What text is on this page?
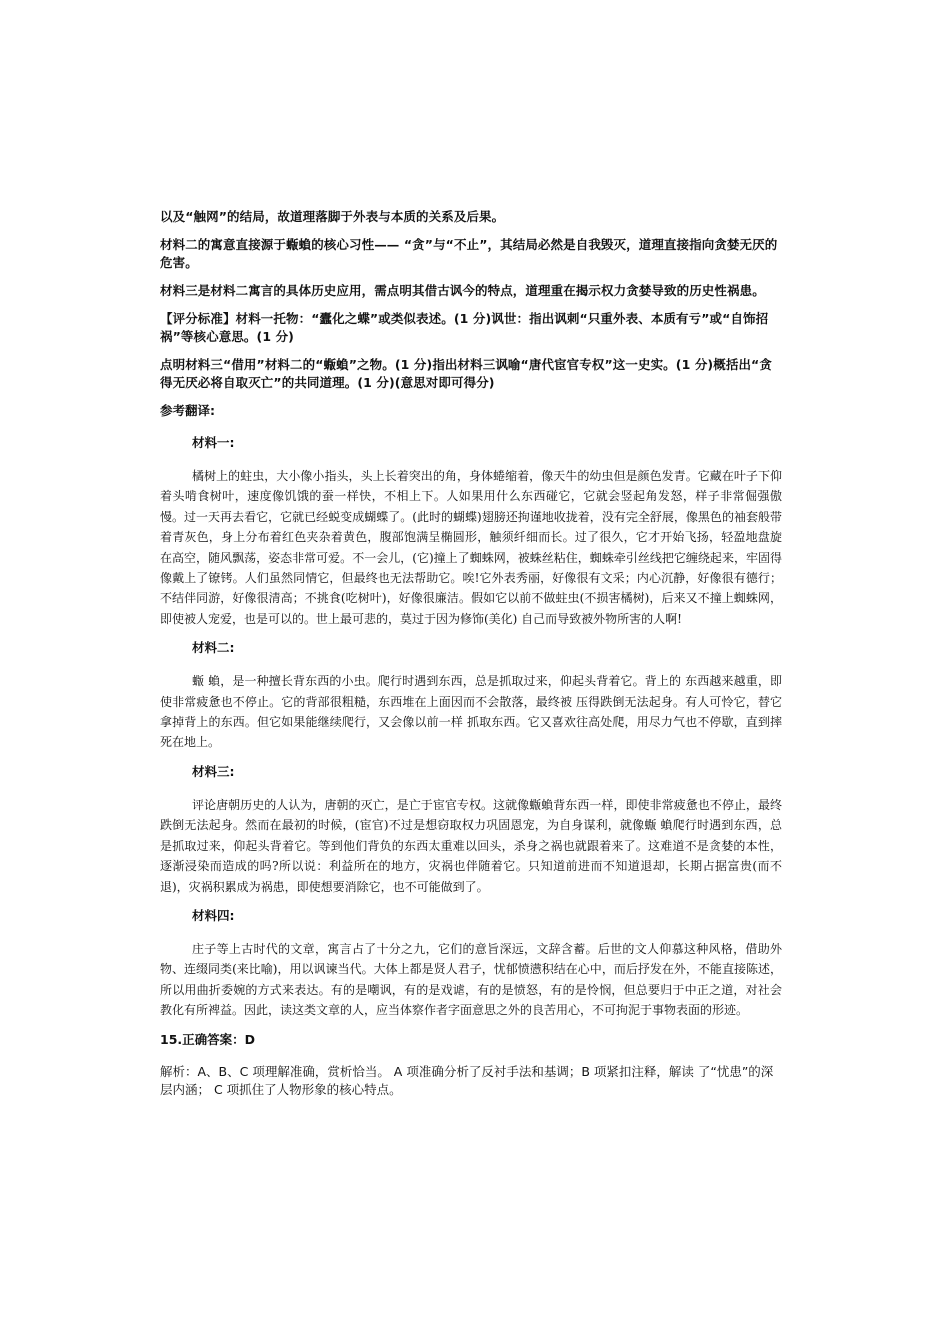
以及“触网”的结局，故道理落脚于外表与本质的关系及后果。

材料二的寓意直接源于蝂蝜的核心习性—— “贪”与“不止”，其结局必然是自我毁灭，道理直接指向贪婪无厌的危害。

材料三是材料二寓言的具体历史应用，需点明其借古讽今的特点，道理重在揭示权力贪婪导致的历史性祸患。

【评分标准】材料一托物：“蠹化之蝶”或类似表述。(1 分)讽世：指出讽刺“只重外表、本质有亏”或“自饰招祸”等核心意思。(1 分)

点明材料三“借用”材料二的“蝂蝜”之物。(1 分)指出材料三讽喻“唐代宦官专权”这一史实。(1 分)概括出“贪得无厌必将自取灭亡”的共同道理。(1 分)(意思对即可得分)

参考翻译:

材料一:

橘树上的蛀虫，大小像小指头，头上长着突出的角，身体蜷缩着，像天牛的幼虫但是颜色发青。它藏在叶子下仰着头啃食树叶，速度像饥饿的蚕一样快，不相上下。人如果用什么东西碰它，它就会竖起角发怒，样子非常倔强傲慢。过一天再去看它，它就已经蜕变成蝴蝶了。(此时的蝴蝶)翅膀还拘谨地收拢着，没有完全舒展，像黑色的袖套般带着青灰色，身上分布着红色夹杂着黄色，腹部饱满呈椭圆形，触须纤细而长。过了很久，它才开始飞扬，轻盈地盘旋在高空，随风飘荡，姿态非常可爱。不一会儿，(它)撞上了蜘蛛网，被蛛丝粘住，蜘蛛牵引丝线把它缠绕起来，牢固得像戴上了镣铐。人们虽然同情它，但最终也无法帮助它。唉!它外表秀丽，好像很有文采；内心沉静，好像很有德行；不结伴同游，好像很清高；不挑食(吃树叶)，好像很廉洁。假如它以前不做蛀虫(不损害橘树)，后来又不撞上蜘蛛网，即使被人宠爱，也是可以的。世上最可悲的，莫过于因为修饰(美化) 自己而导致被外物所害的人啊!

材料二:

蝂 蝜，是一种擅长背东西的小虫。爬行时遇到东西，总是抓取过来，仰起头背着它。背上的 东西越来越重，即使非常疲惫也不停止。它的背部很粗糙，东西堆在上面因而不会散落，最终被 压得跌倒无法起身。有人可怜它，替它拿掉背上的东西。但它如果能继续爬行，又会像以前一样 抓取东西。它又喜欢往高处爬，用尽力气也不停歇，直到摔死在地上。

材料三:

评论唐朝历史的人认为，唐朝的灭亡，是亡于宦官专权。这就像蝂蝜背东西一样，即使非常疲惫也不停止，最终跌倒无法起身。然而在最初的时候，(宦官)不过是想窃取权力巩固恩宠，为自身谋利，就像蝂 蝜爬行时遇到东西，总是抓取过来，仰起头背着它。等到他们背负的东西太重难以回头，杀身之祸也就跟着来了。这难道不是贪婪的本性， 逐渐浸染而造成的吗?所以说：利益所在的地方，灾祸也伴随着它。只知道前进而不知道退却，长期占据富贵(而不退)，灾祸积累成为祸患，即使想要消除它，也不可能做到了。

材料四:

庄子等上古时代的文章，寓言占了十分之九，它们的意旨深远，文辞含蓄。后世的文人仰慕这种风格，借助外物、连缀同类(来比喻)，用以讽谏当代。大体上都是贤人君子，忧郁愤懑积结在心中，而后抒发在外，不能直接陈述，所以用曲折委婉的方式来表达。有的是嘲讽，有的是戏谑，有的是愤怒，有的是怜悯，但总要归于中正之道，对社会教化有所裨益。因此，读这类文章的人，应当体察作者字面意思之外的良苦用心，不可拘泥于事物表面的形迹。

15.正确答案：D

解析：A、B、C 项理解准确，赏析恰当。 A 项准确分析了反衬手法和基调；B 项紧扣注释，解读 了“忧患”的深层内涵； C 项抓住了人物形象的核心特点。
